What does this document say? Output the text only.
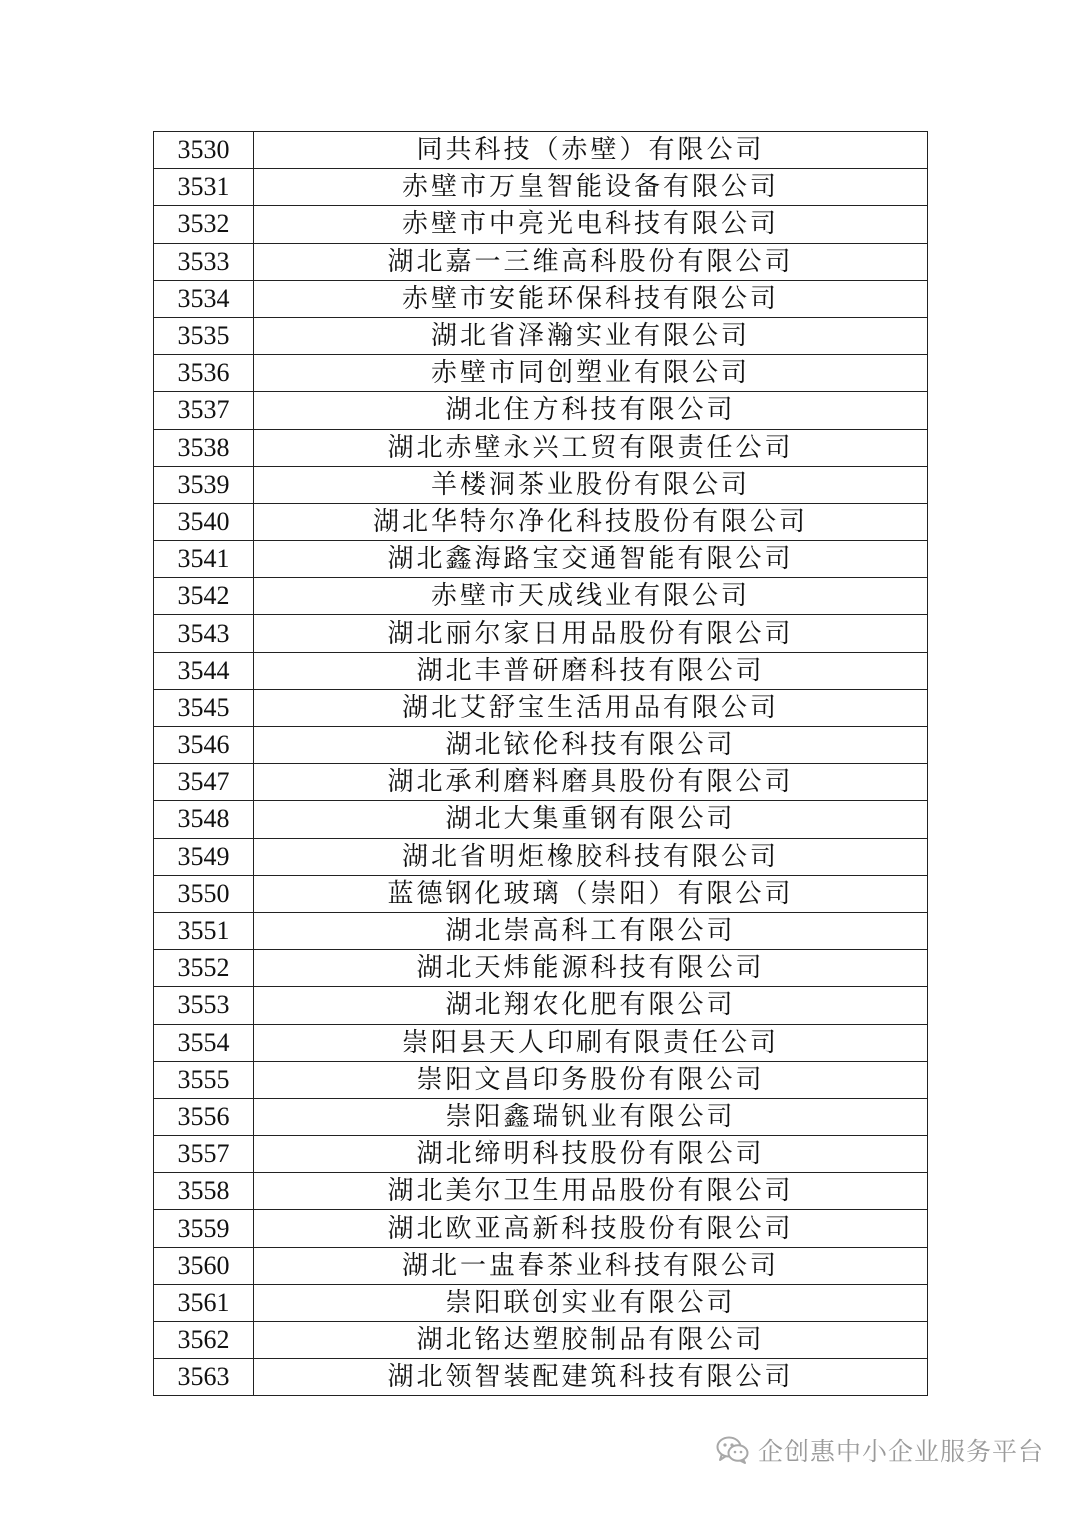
3530	同共科技（赤壁）有限公司
3531	赤壁市万皇智能设备有限公司
3532	赤壁市中亮光电科技有限公司
3533	湖北嘉一三维高科股份有限公司
3534	赤壁市安能环保科技有限公司
3535	湖北省泽瀚实业有限公司
3536	赤壁市同创塑业有限公司
3537	湖北住方科技有限公司
3538	湖北赤壁永兴工贸有限责任公司
3539	羊楼洞茶业股份有限公司
3540	湖北华特尔净化科技股份有限公司
3541	湖北鑫海路宝交通智能有限公司
3542	赤壁市天成线业有限公司
3543	湖北丽尔家日用品股份有限公司
3544	湖北丰普研磨科技有限公司
3545	湖北艾舒宝生活用品有限公司
3546	湖北铱伦科技有限公司
3547	湖北承利磨料磨具股份有限公司
3548	湖北大集重钢有限公司
3549	湖北省明炬橡胶科技有限公司
3550	蓝德钢化玻璃（崇阳）有限公司
3551	湖北崇高科工有限公司
3552	湖北天炜能源科技有限公司
3553	湖北翔农化肥有限公司
3554	崇阳县天人印刷有限责任公司
3555	崇阳文昌印务股份有限公司
3556	崇阳鑫瑞钒业有限公司
3557	湖北缔明科技股份有限公司
3558	湖北美尔卫生用品股份有限公司
3559	湖北欧亚高新科技股份有限公司
3560	湖北一盅春茶业科技有限公司
3561	崇阳联创实业有限公司
3562	湖北铭达塑胶制品有限公司
3563	湖北领智装配建筑科技有限公司
企创惠中小企业服务平台
